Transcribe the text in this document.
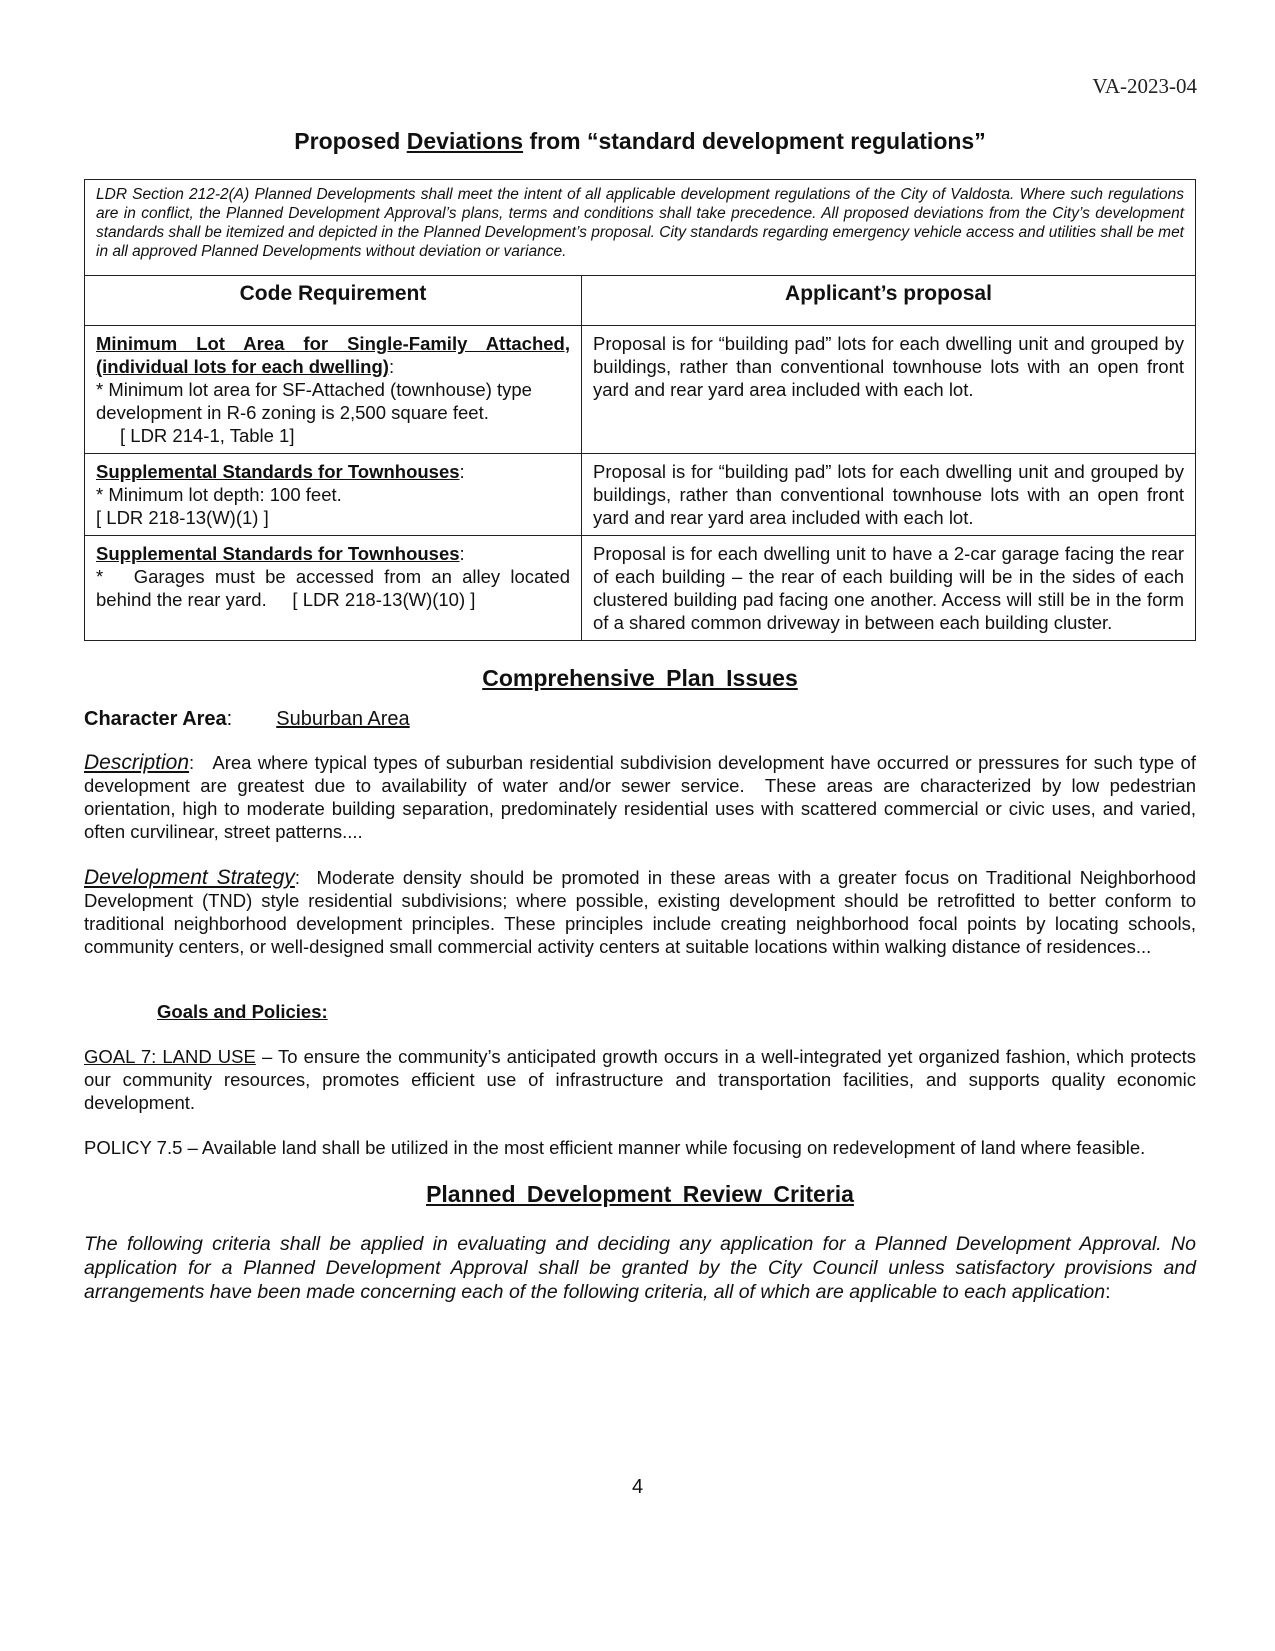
VA-2023-04
Proposed Deviations from “standard development regulations”
LDR Section 212-2(A) Planned Developments shall meet the intent of all applicable development regulations of the City of Valdosta. Where such regulations are in conflict, the Planned Development Approval’s plans, terms and conditions shall take precedence. All proposed deviations from the City’s development standards shall be itemized and depicted in the Planned Development’s proposal. City standards regarding emergency vehicle access and utilities shall be met in all approved Planned Developments without deviation or variance.	
Code Requirement	Applicant’s proposal

Minimum Lot Area for Single-Family Attached, (individual lots for each dwelling):
* Minimum lot area for SF-Attached (townhouse) type development in R-6 zoning is 2,500 square feet.
[ LDR 214-1, Table 1]	Proposal is for “building pad” lots for each dwelling unit and grouped by buildings, rather than conventional townhouse lots with an open front yard and rear yard area included with each lot.

Supplemental Standards for Townhouses:
* Minimum lot depth: 100 feet.
[ LDR 218-13(W)(1) ]	Proposal is for “building pad” lots for each dwelling unit and grouped by buildings, rather than conventional townhouse lots with an open front yard and rear yard area included with each lot.

Supplemental Standards for Townhouses:
*   Garages must be accessed from an alley located behind the rear yard.     [ LDR 218-13(W)(10) ]	Proposal is for each dwelling unit to have a 2-car garage facing the rear of each building – the rear of each building will be in the sides of each clustered building pad facing one another. Access will still be in the form of a shared common driveway in between each building cluster.
Comprehensive Plan Issues
Character Area: Suburban Area

Description:   Area where typical types of suburban residential subdivision development have occurred or pressures for such type of development are greatest due to availability of water and/or sewer service.  These areas are characterized by low pedestrian orientation, high to moderate building separation, predominately residential uses with scattered commercial or civic uses, and varied, often curvilinear, street patterns....

Development Strategy:  Moderate density should be promoted in these areas with a greater focus on Traditional Neighborhood Development (TND) style residential subdivisions; where possible, existing development should be retrofitted to better conform to traditional neighborhood development principles. These principles include creating neighborhood focal points by locating schools, community centers, or well-designed small commercial activity centers at suitable locations within walking distance of residences...

Goals and Policies:

GOAL 7: LAND USE – To ensure the community’s anticipated growth occurs in a well-integrated yet organized fashion, which protects our community resources, promotes efficient use of infrastructure and transportation facilities, and supports quality economic development.

POLICY 7.5 – Available land shall be utilized in the most efficient manner while focusing on redevelopment of land where feasible.

Planned Development Review Criteria

The following criteria shall be applied in evaluating and deciding any application for a Planned Development Approval. No application for a Planned Development Approval shall be granted by the City Council unless satisfactory provisions and arrangements have been made concerning each of the following criteria, all of which are applicable to each application:

4
